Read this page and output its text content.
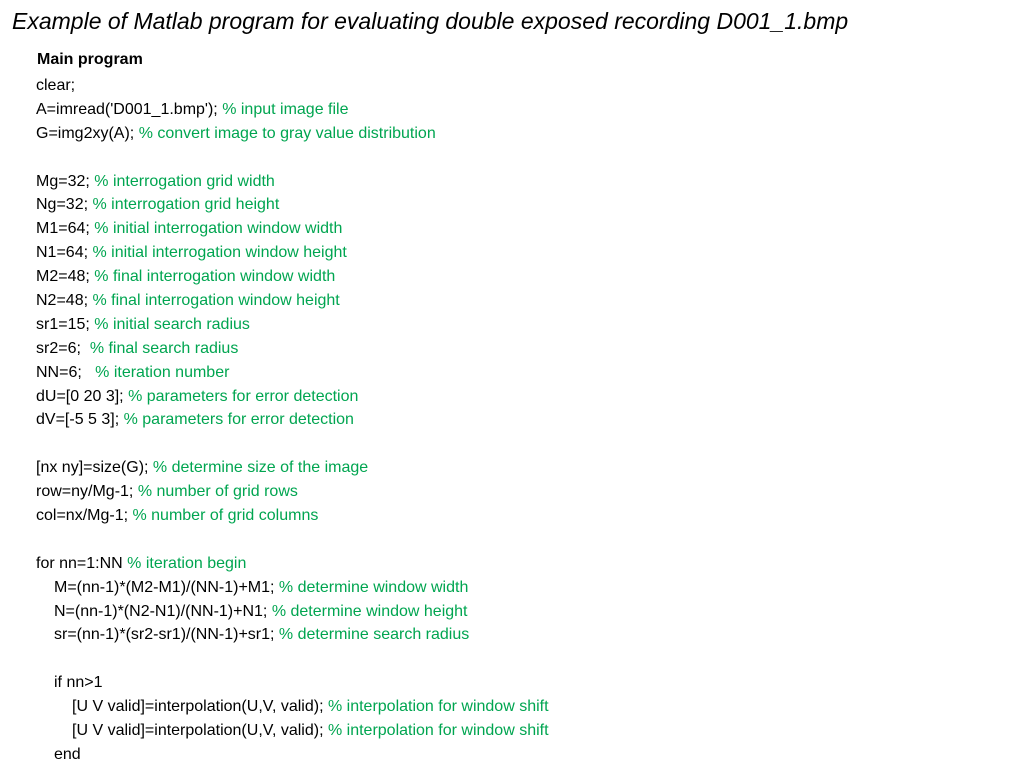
Example of Matlab program for evaluating double exposed recording D001_1.bmp
Main program
clear;
A=imread('D001_1.bmp'); % input image file
G=img2xy(A); % convert image to gray value distribution
Mg=32; % interrogation grid width
Ng=32; % interrogation grid height
M1=64; % initial interrogation window width
N1=64; % initial interrogation window height
M2=48; % final interrogation window width
N2=48; % final interrogation window height
sr1=15; % initial search radius
sr2=6;  % final search radius
NN=6;   % iteration number
dU=[0 20 3]; % parameters for error detection
dV=[-5 5 3]; % parameters for error detection
[nx ny]=size(G); % determine size of the image
row=ny/Mg-1; % number of grid rows
col=nx/Mg-1; % number of grid columns
for nn=1:NN % iteration begin
M=(nn-1)*(M2-M1)/(NN-1)+M1; % determine window width
N=(nn-1)*(N2-N1)/(NN-1)+N1; % determine window height
sr=(nn-1)*(sr2-sr1)/(NN-1)+sr1; % determine search radius
if nn>1
[U V valid]=interpolation(U,V, valid); % interpolation for window shift
[U V valid]=interpolation(U,V, valid); % interpolation for window shift
end
